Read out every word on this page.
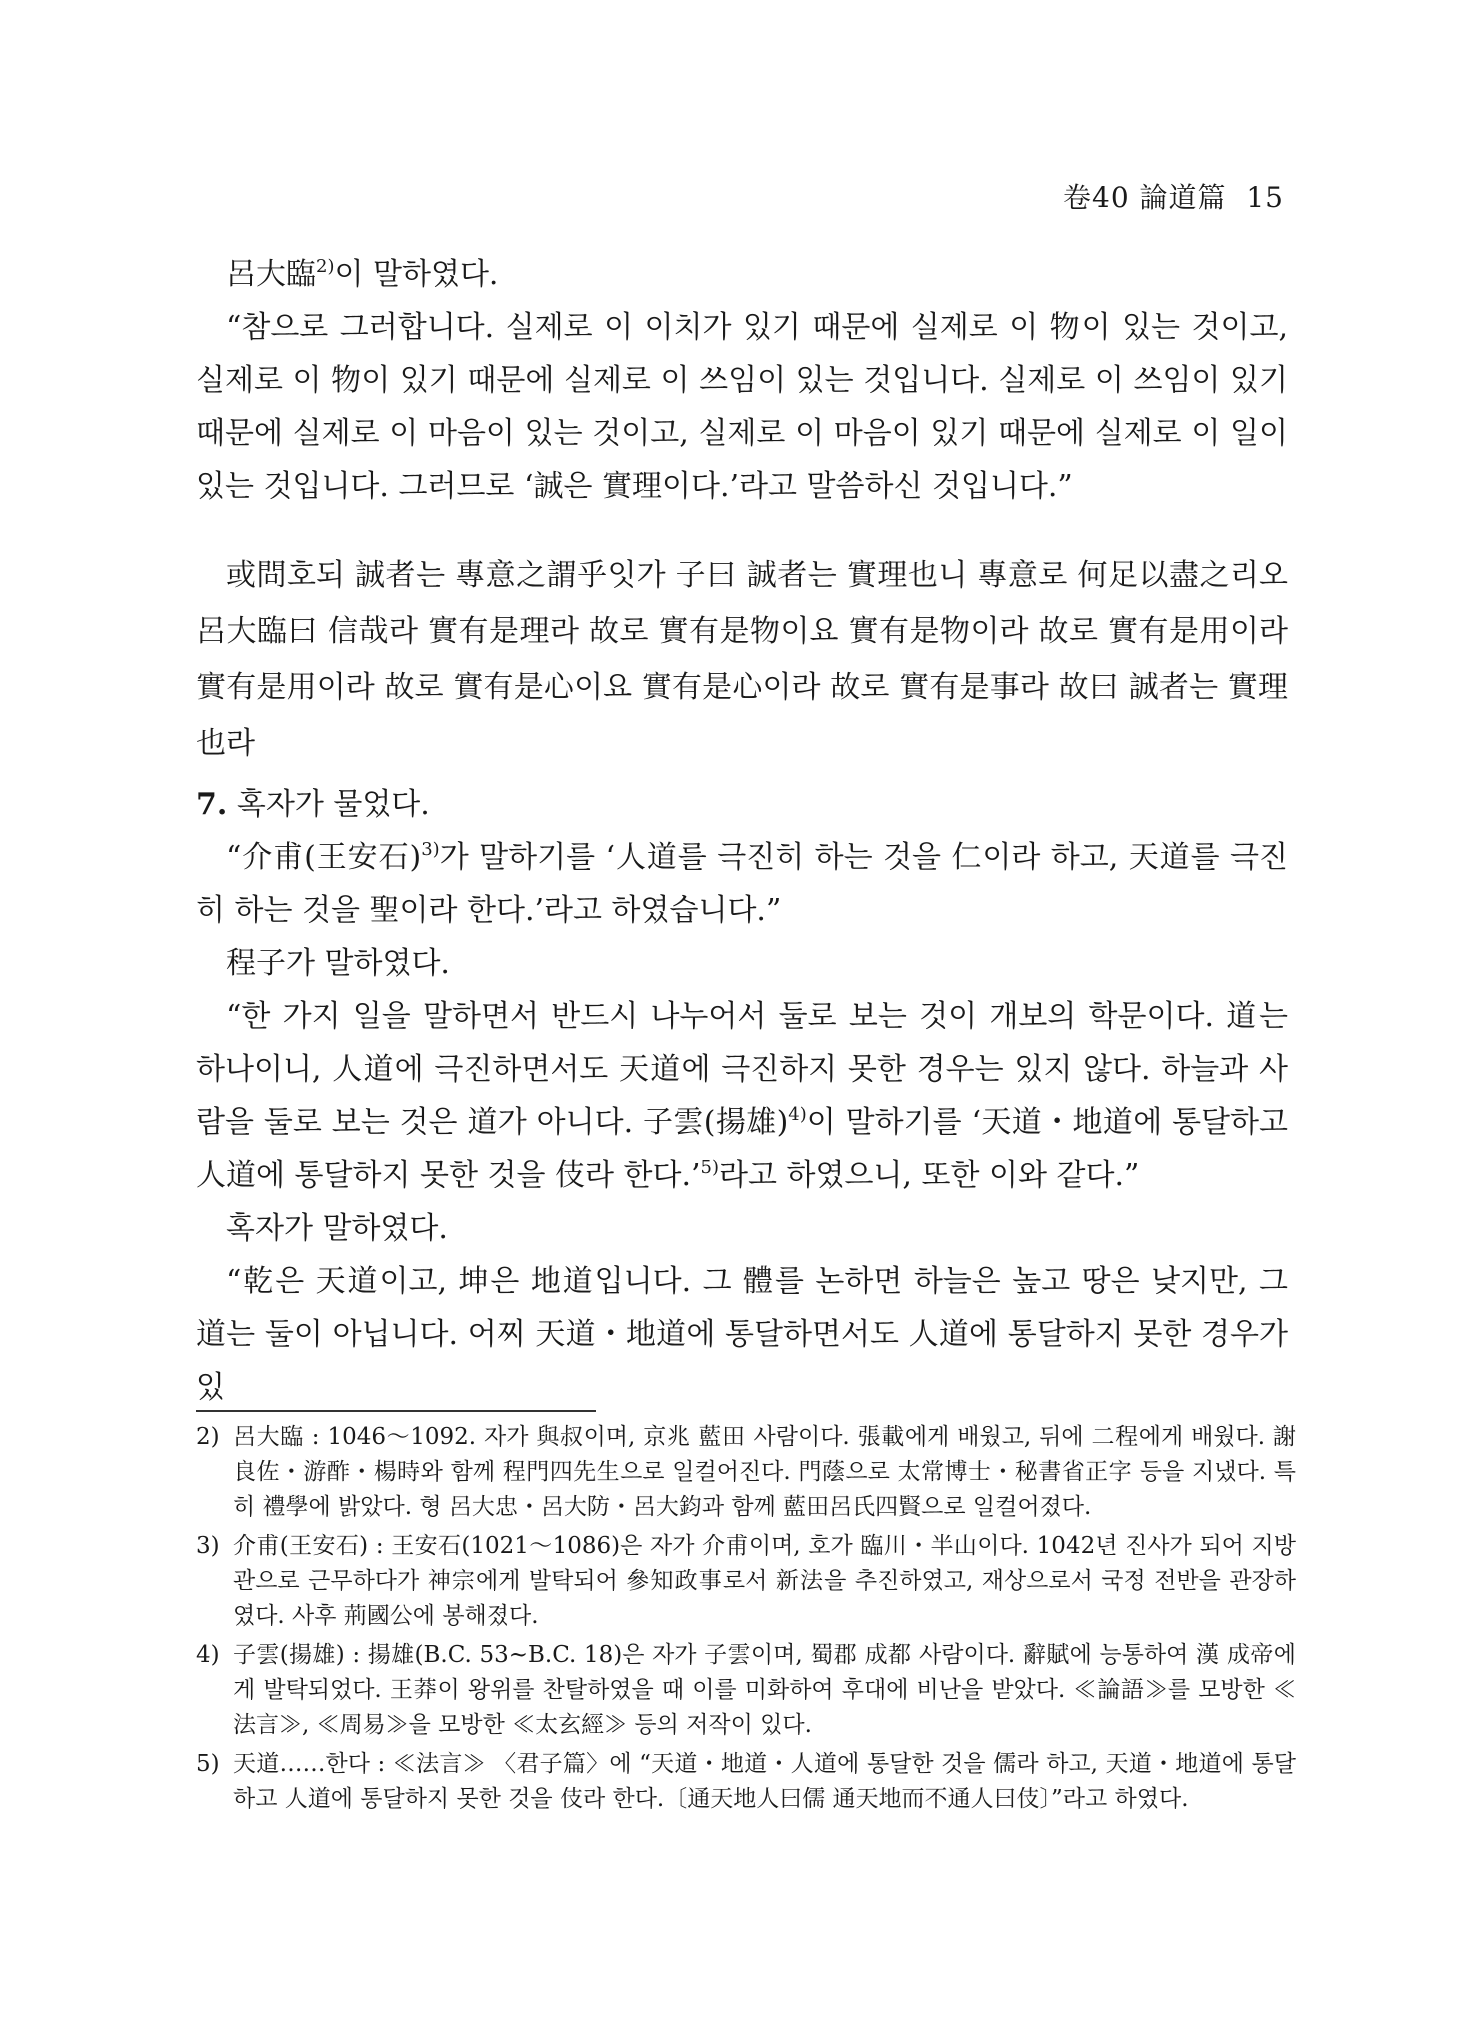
卷40 論道篇 15

呂大臨$^{2)}$이 말하였다.

“참으로 그러합니다. 실제로 이 이치가 있기 때문에 실제로 이 物이 있는 것이고, 실제로 이 物이 있기 때문에 실제로 이 쓰임이 있는 것입니다. 실제로 이 쓰임이 있기 때문에 실제로 이 마음이 있는 것이고, 실제로 이 마음이 있기 때문에 실제로 이 일이 있는 것입니다. 그러므로 ‘誠은 實理이다.’라고 말씀하신 것입니다.”

或問호되 誠者는 專意之謂乎잇가 子曰 誠者는 實理也니 專意로 何足以盡之리오 呂大臨曰 信哉라 實有是理라 故로 實有是物이요 實有是物이라 故로 實有是用이라 實有是用이라 故로 實有是心이요 實有是心이라 故로 實有是事라 故曰 誠者는 實理也라

7. 혹자가 물었다.

“介甫(王安石)$^{3)}$가 말하기를 ‘人道를 극진히 하는 것을 仁이라 하고, 天道를 극진히 하는 것을 聖이라 한다.’라고 하였습니다.”

程子가 말하였다.

“한 가지 일을 말하면서 반드시 나누어서 둘로 보는 것이 개보의 학문이다. 道는 하나이니, 人道에 극진하면서도 天道에 극진하지 못한 경우는 있지 않다. 하늘과 사람을 둘로 보는 것은 道가 아니다. 子雲(揚雄)$^{4)}$이 말하기를 ‘天道・地道에 통달하고 人道에 통달하지 못한 것을 伎라 한다.’$^{5)}$라고 하였으니, 또한 이와 같다.”

혹자가 말하였다.

“乾은 天道이고, 坤은 地道입니다. 그 體를 논하면 하늘은 높고 땅은 낮지만, 그 道는 둘이 아닙니다. 어찌 天道・地道에 통달하면서도 人道에 통달하지 못한 경우가 있

2) 呂大臨 : 1046～1092. 자가 與叔이며, 京兆 藍田 사람이다. 張載에게 배웠고, 뒤에 二程에게 배웠다. 謝良佐・游酢・楊時와 함께 程門四先生으로 일컬어진다. 門蔭으로 太常博士・秘書省正字 등을 지냈다. 특히 禮學에 밝았다. 형 呂大忠・呂大防・呂大鈞과 함께 藍田呂氏四賢으로 일컬어졌다.
3) 介甫(王安石) : 王安石(1021～1086)은 자가 介甫이며, 호가 臨川・半山이다. 1042년 진사가 되어 지방관으로 근무하다가 神宗에게 발탁되어 參知政事로서 新法을 추진하였고, 재상으로서 국정 전반을 관장하였다. 사후 荊國公에 봉해졌다.
4) 子雲(揚雄) : 揚雄(B.C. 53~B.C. 18)은 자가 子雲이며, 蜀郡 成都 사람이다. 辭賦에 능통하여 漢 成帝에게 발탁되었다. 王莽이 왕위를 찬탈하였을 때 이를 미화하여 후대에 비난을 받았다. ≪論語≫를 모방한 ≪法言≫, ≪周易≫을 모방한 ≪太玄經≫ 등의 저작이 있다.
5) 天道……한다 : ≪法言≫ 〈君子篇〉에 “天道・地道・人道에 통달한 것을 儒라 하고, 天道・地道에 통달하고 人道에 통달하지 못한 것을 伎라 한다.〔通天地人曰儒 通天地而不通人曰伎〕”라고 하였다.
